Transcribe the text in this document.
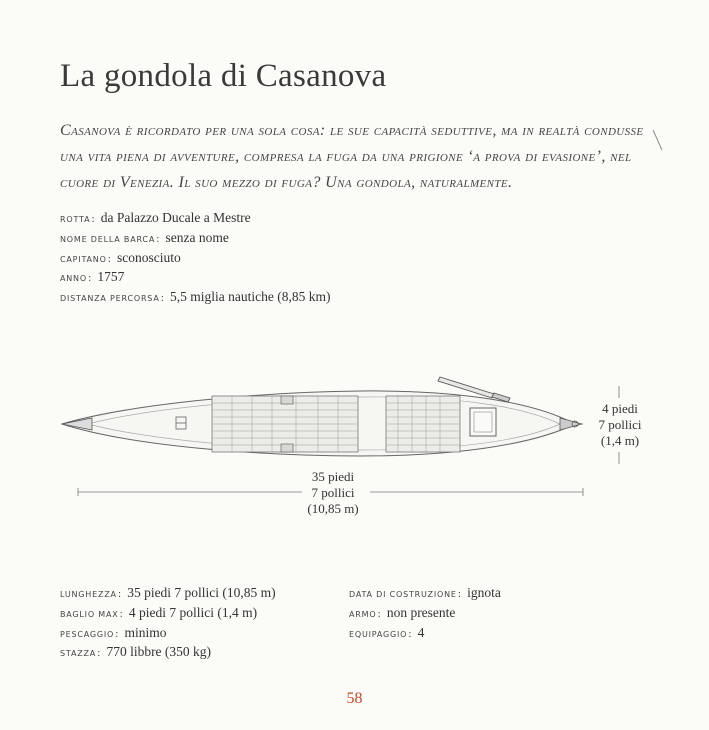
La gondola di Casanova

Casanova è ricordato per una sola cosa: le sue capacità seduttive, ma in realtà condusse una vita piena di avventure, compresa la fuga da una prigione ‘a prova di evasione’, nel cuore di Venezia. Il suo mezzo di fuga? Una gondola, naturalmente.

ROTTA : da Palazzo Ducale a Mestre
NOME DELLA BARCA : senza nome
CAPITANO : sconosciuto
ANNO : 1757
DISTANZA PERCORSA : 5,5 miglia nautiche (8,85 km)
35 piedi
7 pollici
(10,85 m)
4 piedi
7 pollici
(1,4 m)
LUNGHEZZA : 35 piedi 7 pollici (10,85 m)
BAGLIO MAX : 4 piedi 7 pollici (1,4 m)
PESCAGGIO : minimo
STAZZA : 770 libbre (350 kg)
DATA DI COSTRUZIONE : ignota
ARMO : non presente
EQUIPAGGIO : 4
58
